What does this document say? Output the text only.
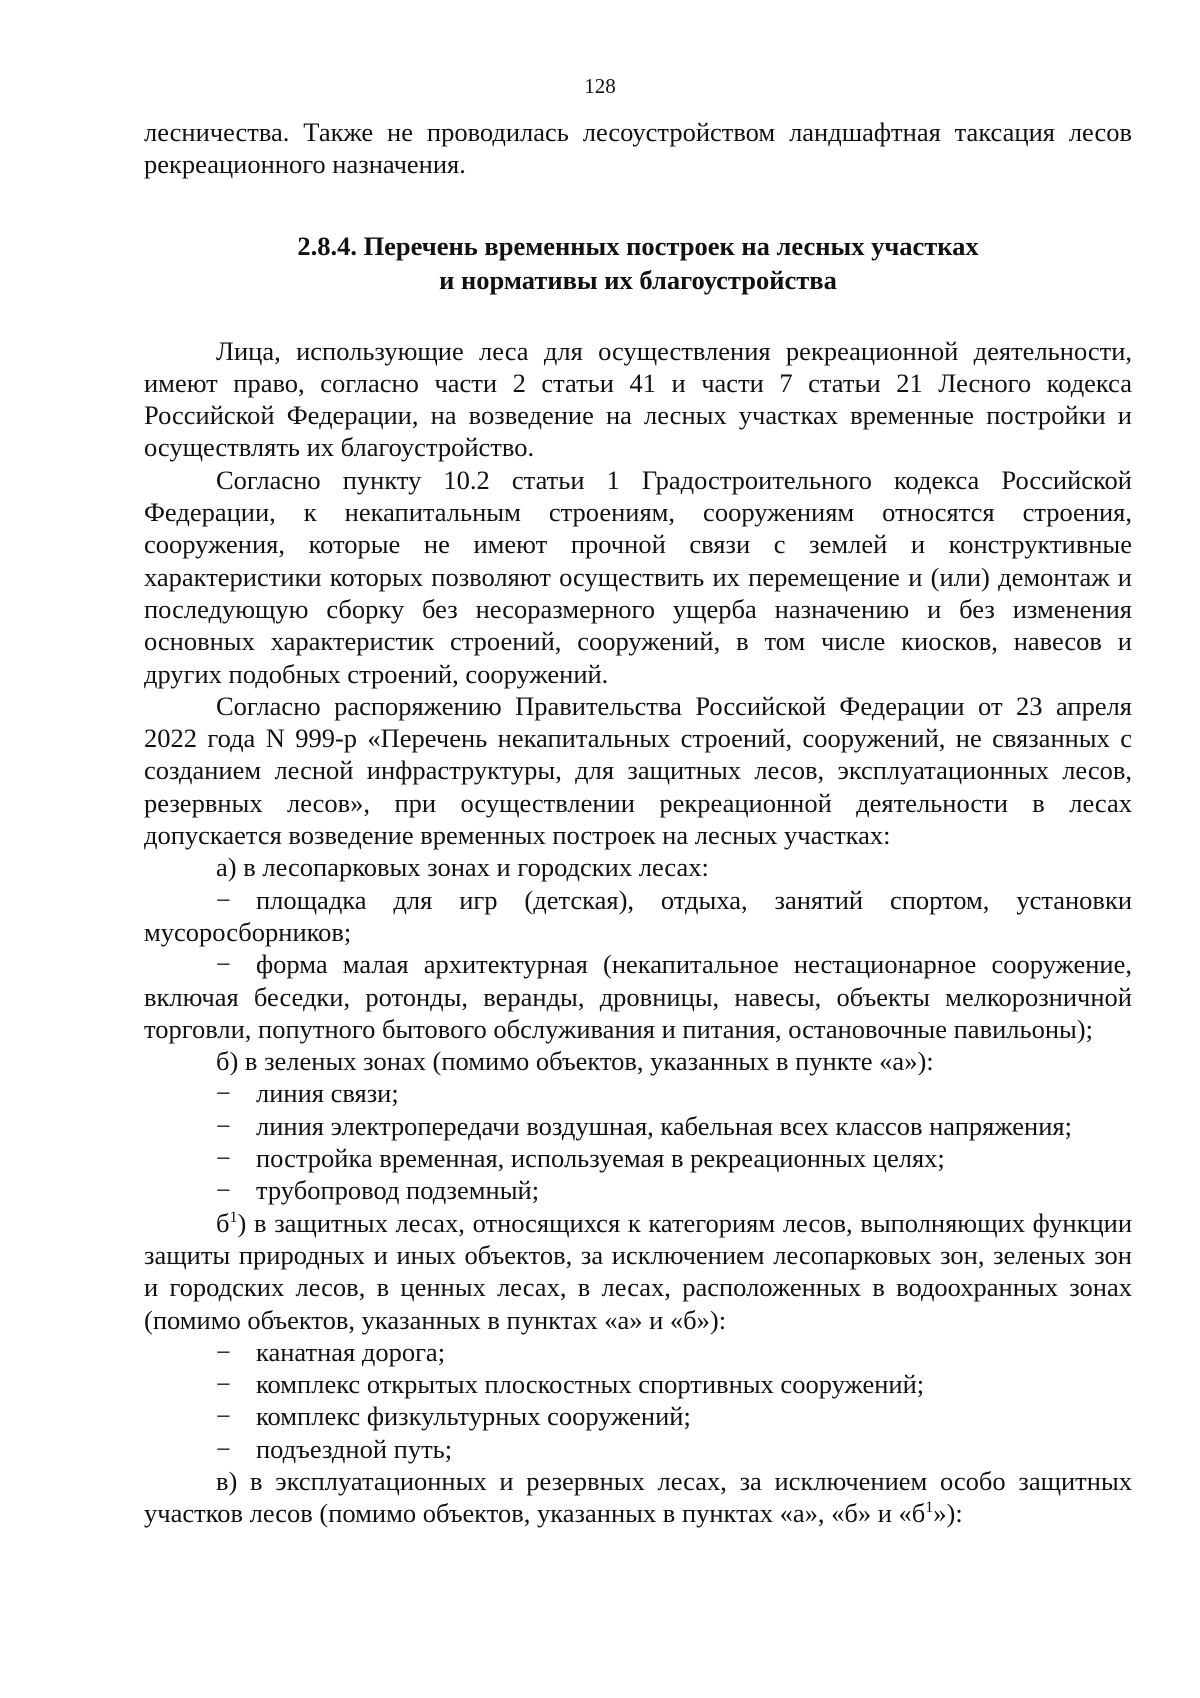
128

лесничества. Также не проводилась лесоустройством ландшафтная таксация лесов рекреационного назначения.

2.8.4. Перечень временных построек на лесных участках
и нормативы их благоустройства

Лица, использующие леса для осуществления рекреационной деятельности, имеют право, согласно части 2 статьи 41 и части 7 статьи 21 Лесного кодекса Российской Федерации, на возведение на лесных участках временные постройки и осуществлять их благоустройство.

Согласно пункту 10.2 статьи 1 Градостроительного кодекса Российской Федерации, к некапитальным строениям, сооружениям относятся строения, сооружения, которые не имеют прочной связи с землей и конструктивные характеристики которых позволяют осуществить их перемещение и (или) демонтаж и последующую сборку без несоразмерного ущерба назначению и без изменения основных характеристик строений, сооружений, в том числе киосков, навесов и других подобных строений, сооружений.

Согласно распоряжению Правительства Российской Федерации от 23 апреля 2022 года N 999-р «Перечень некапитальных строений, сооружений, не связанных с созданием лесной инфраструктуры, для защитных лесов, эксплуатационных лесов, резервных лесов», при осуществлении рекреационной деятельности в лесах допускается возведение временных построек на лесных участках:

а) в лесопарковых зонах и городских лесах:

− площадка для игр (детская), отдыха, занятий спортом, установки мусоросборников;

− форма малая архитектурная (некапитальное нестационарное сооружение, включая беседки, ротонды, веранды, дровницы, навесы, объекты мелкорозничной торговли, попутного бытового обслуживания и питания, остановочные павильоны);

б) в зеленых зонах (помимо объектов, указанных в пункте «а»):

− линия связи;

− линия электропередачи воздушная, кабельная всех классов напряжения;

− постройка временная, используемая в рекреационных целях;

− трубопровод подземный;

$б^1$) в защитных лесах, относящихся к категориям лесов, выполняющих функции защиты природных и иных объектов, за исключением лесопарковых зон, зеленых зон и городских лесов, в ценных лесах, в лесах, расположенных в водоохранных зонах (помимо объектов, указанных в пунктах «а» и «б»):

− канатная дорога;

− комплекс открытых плоскостных спортивных сооружений;

− комплекс физкультурных сооружений;

− подъездной путь;

в) в эксплуатационных и резервных лесах, за исключением особо защитных участков лесов (помимо объектов, указанных в пунктах «а», «б» и «$б^1$»):
